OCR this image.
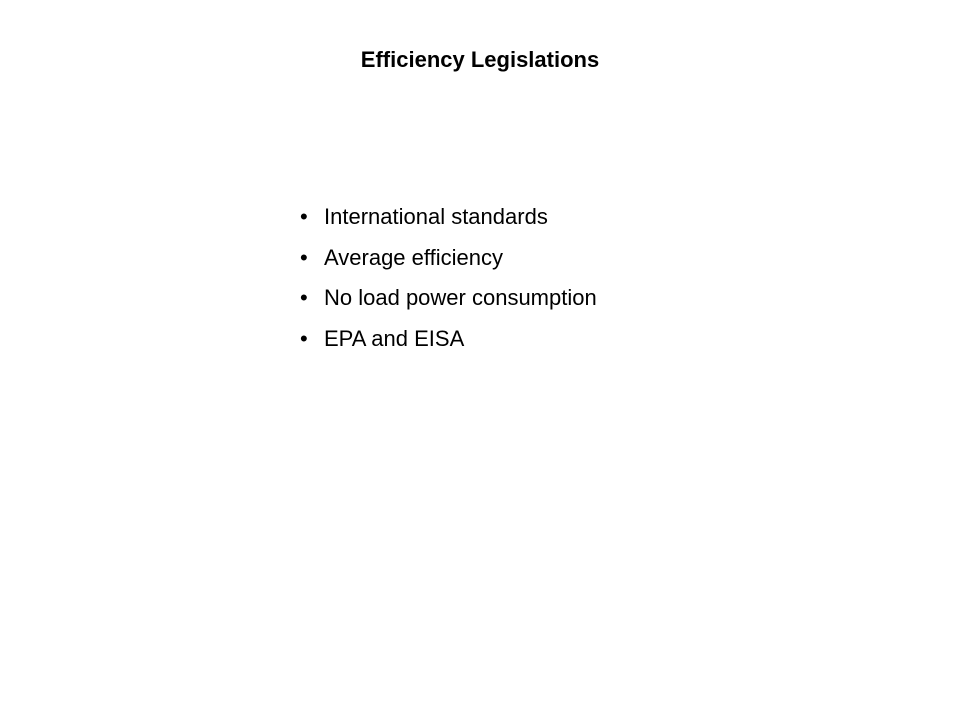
Efficiency Legislations
• International standards
• Average efficiency
• No load power consumption
• EPA and EISA
